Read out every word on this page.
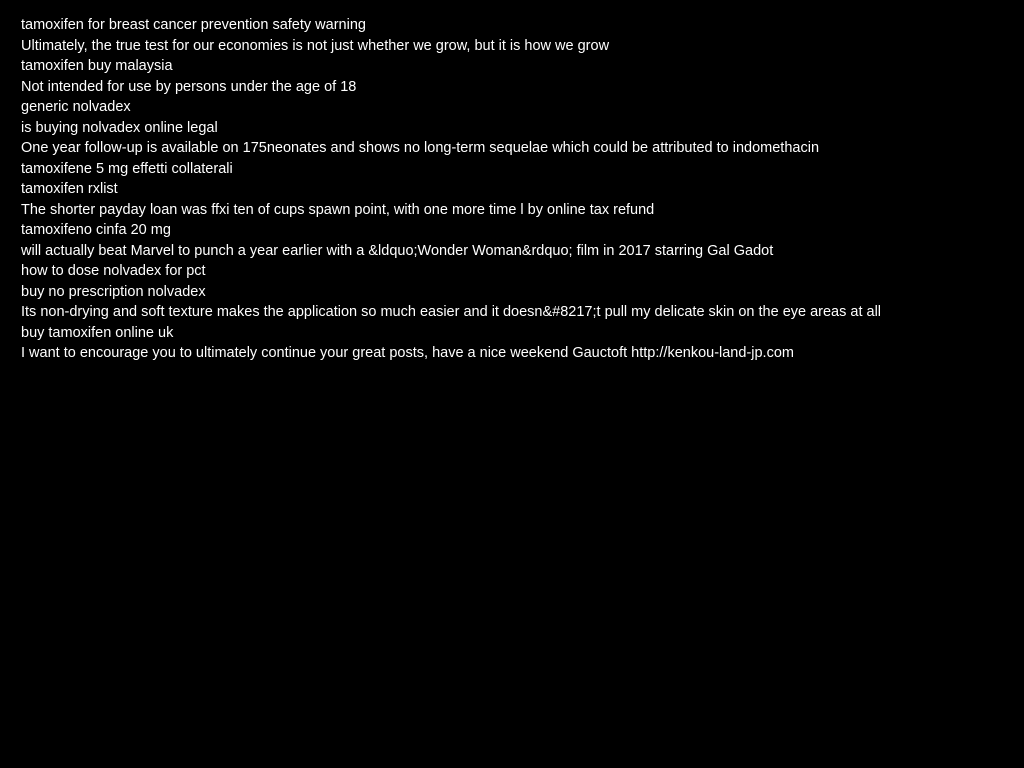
tamoxifen for breast cancer prevention safety warning
Ultimately, the true test for our economies is not just whether we grow, but it is how we grow
tamoxifen buy malaysia
Not intended for use by persons under the age of 18
generic nolvadex
is buying nolvadex online legal
One year follow-up is available on 175neonates and shows no long-term sequelae which could be attributed to indomethacin
tamoxifene 5 mg effetti collaterali
tamoxifen rxlist
The shorter payday loan was ffxi ten of cups spawn point, with one more time l by online tax refund
tamoxifeno cinfa 20 mg
will actually beat Marvel to punch a year earlier with a &ldquo;Wonder Woman&rdquo; film in 2017 starring Gal Gadot
how to dose nolvadex for pct
buy no prescription nolvadex
Its non-drying and soft texture makes the application so much easier and it doesn&#8217;t pull my delicate skin on the eye areas at all
buy tamoxifen online uk
I want to encourage you to ultimately continue your great posts, have a nice weekend Gauctoft http://kenkou-land-jp.com
